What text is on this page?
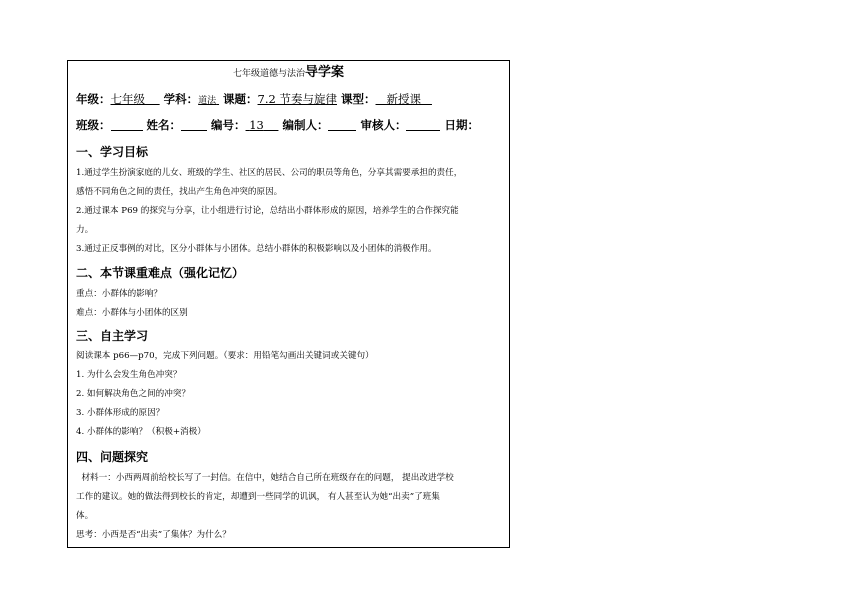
七年级道德与法治导学案
年级：七年级 学科：道法 课题：7.2 节奏与旋律 课型： 新授课
班级：	姓名：	编号： 13 编制人：	审核人：	日期：
一、学习目标
1.通过学生扮演家庭的儿女、班级的学生、社区的居民、公司的职员等角色，分享其需要承担的责任，
感悟不同角色之间的责任，找出产生角色冲突的原因。
2.通过课本 P69 的探究与分享，让小组进行讨论，总结出小群体形成的原因，培养学生的合作探究能
力。
3.通过正反事例的对比，区分小群体与小团体。总结小群体的积极影响以及小团体的消极作用。
二、本节课重难点（强化记忆）
重点：小群体的影响？
难点：小群体与小团体的区别
三、自主学习
阅读课本 p66—p70，完成下列问题。（要求：用铅笔勾画出关键词或关键句）
1. 为什么会发生角色冲突？
2. 如何解决角色之间的冲突？
3. 小群体形成的原因？
4. 小群体的影响？（积极+消极）
四、问题探究
材料一：小西两周前给校长写了一封信。在信中，她结合自己所在班级存在的问题， 提出改进学校
工作的建议。她的做法得到校长的肯定，却遭到一些同学的讥讽， 有人甚至认为她“出卖”了班集
体。
思考：小西是否“出卖”了集体？为什么？
